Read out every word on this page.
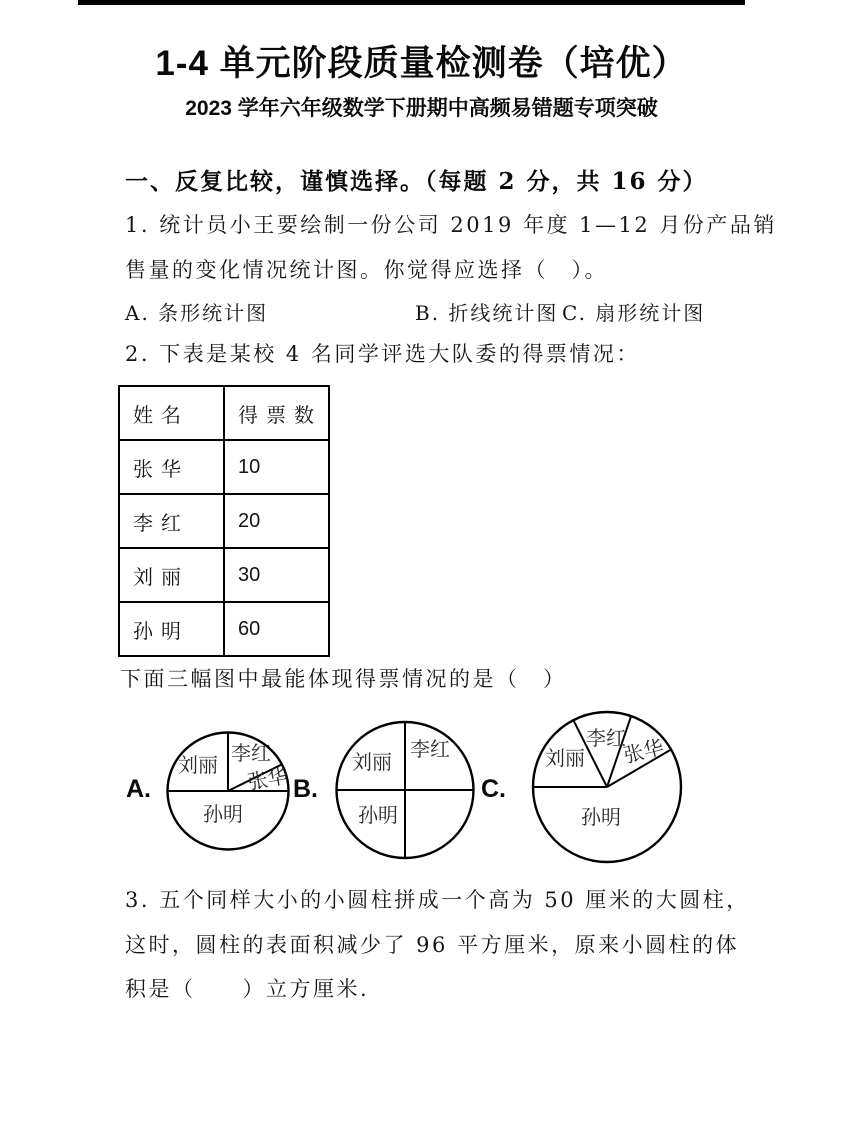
1-4 单元阶段质量检测卷（培优）
2023 学年六年级数学下册期中高频易错题专项突破
一、反复比较，谨慎选择。（每题 2 分，共 16 分）
1. 统计员小王要绘制一份公司 2019 年度 1—12 月份产品销
售量的变化情况统计图。你觉得应选择（　）。
A. 条形统计图	B. 折线统计图 C. 扇形统计图
2. 下表是某校 4 名同学评选大队委的得票情况：
姓名	得票数
张华	10
李红	20
刘丽	30
孙明	60
下面三幅图中最能体现得票情况的是（　）
A.	B.	C.
刘丽 李红
张华
孙明
刘丽
李红
孙明
刘丽
李红
张华
孙明
3. 五个同样大小的小圆柱拼成一个高为 50 厘米的大圆柱，
这时，圆柱的表面积减少了 96 平方厘米，原来小圆柱的体
积是（　　）立方厘米.
